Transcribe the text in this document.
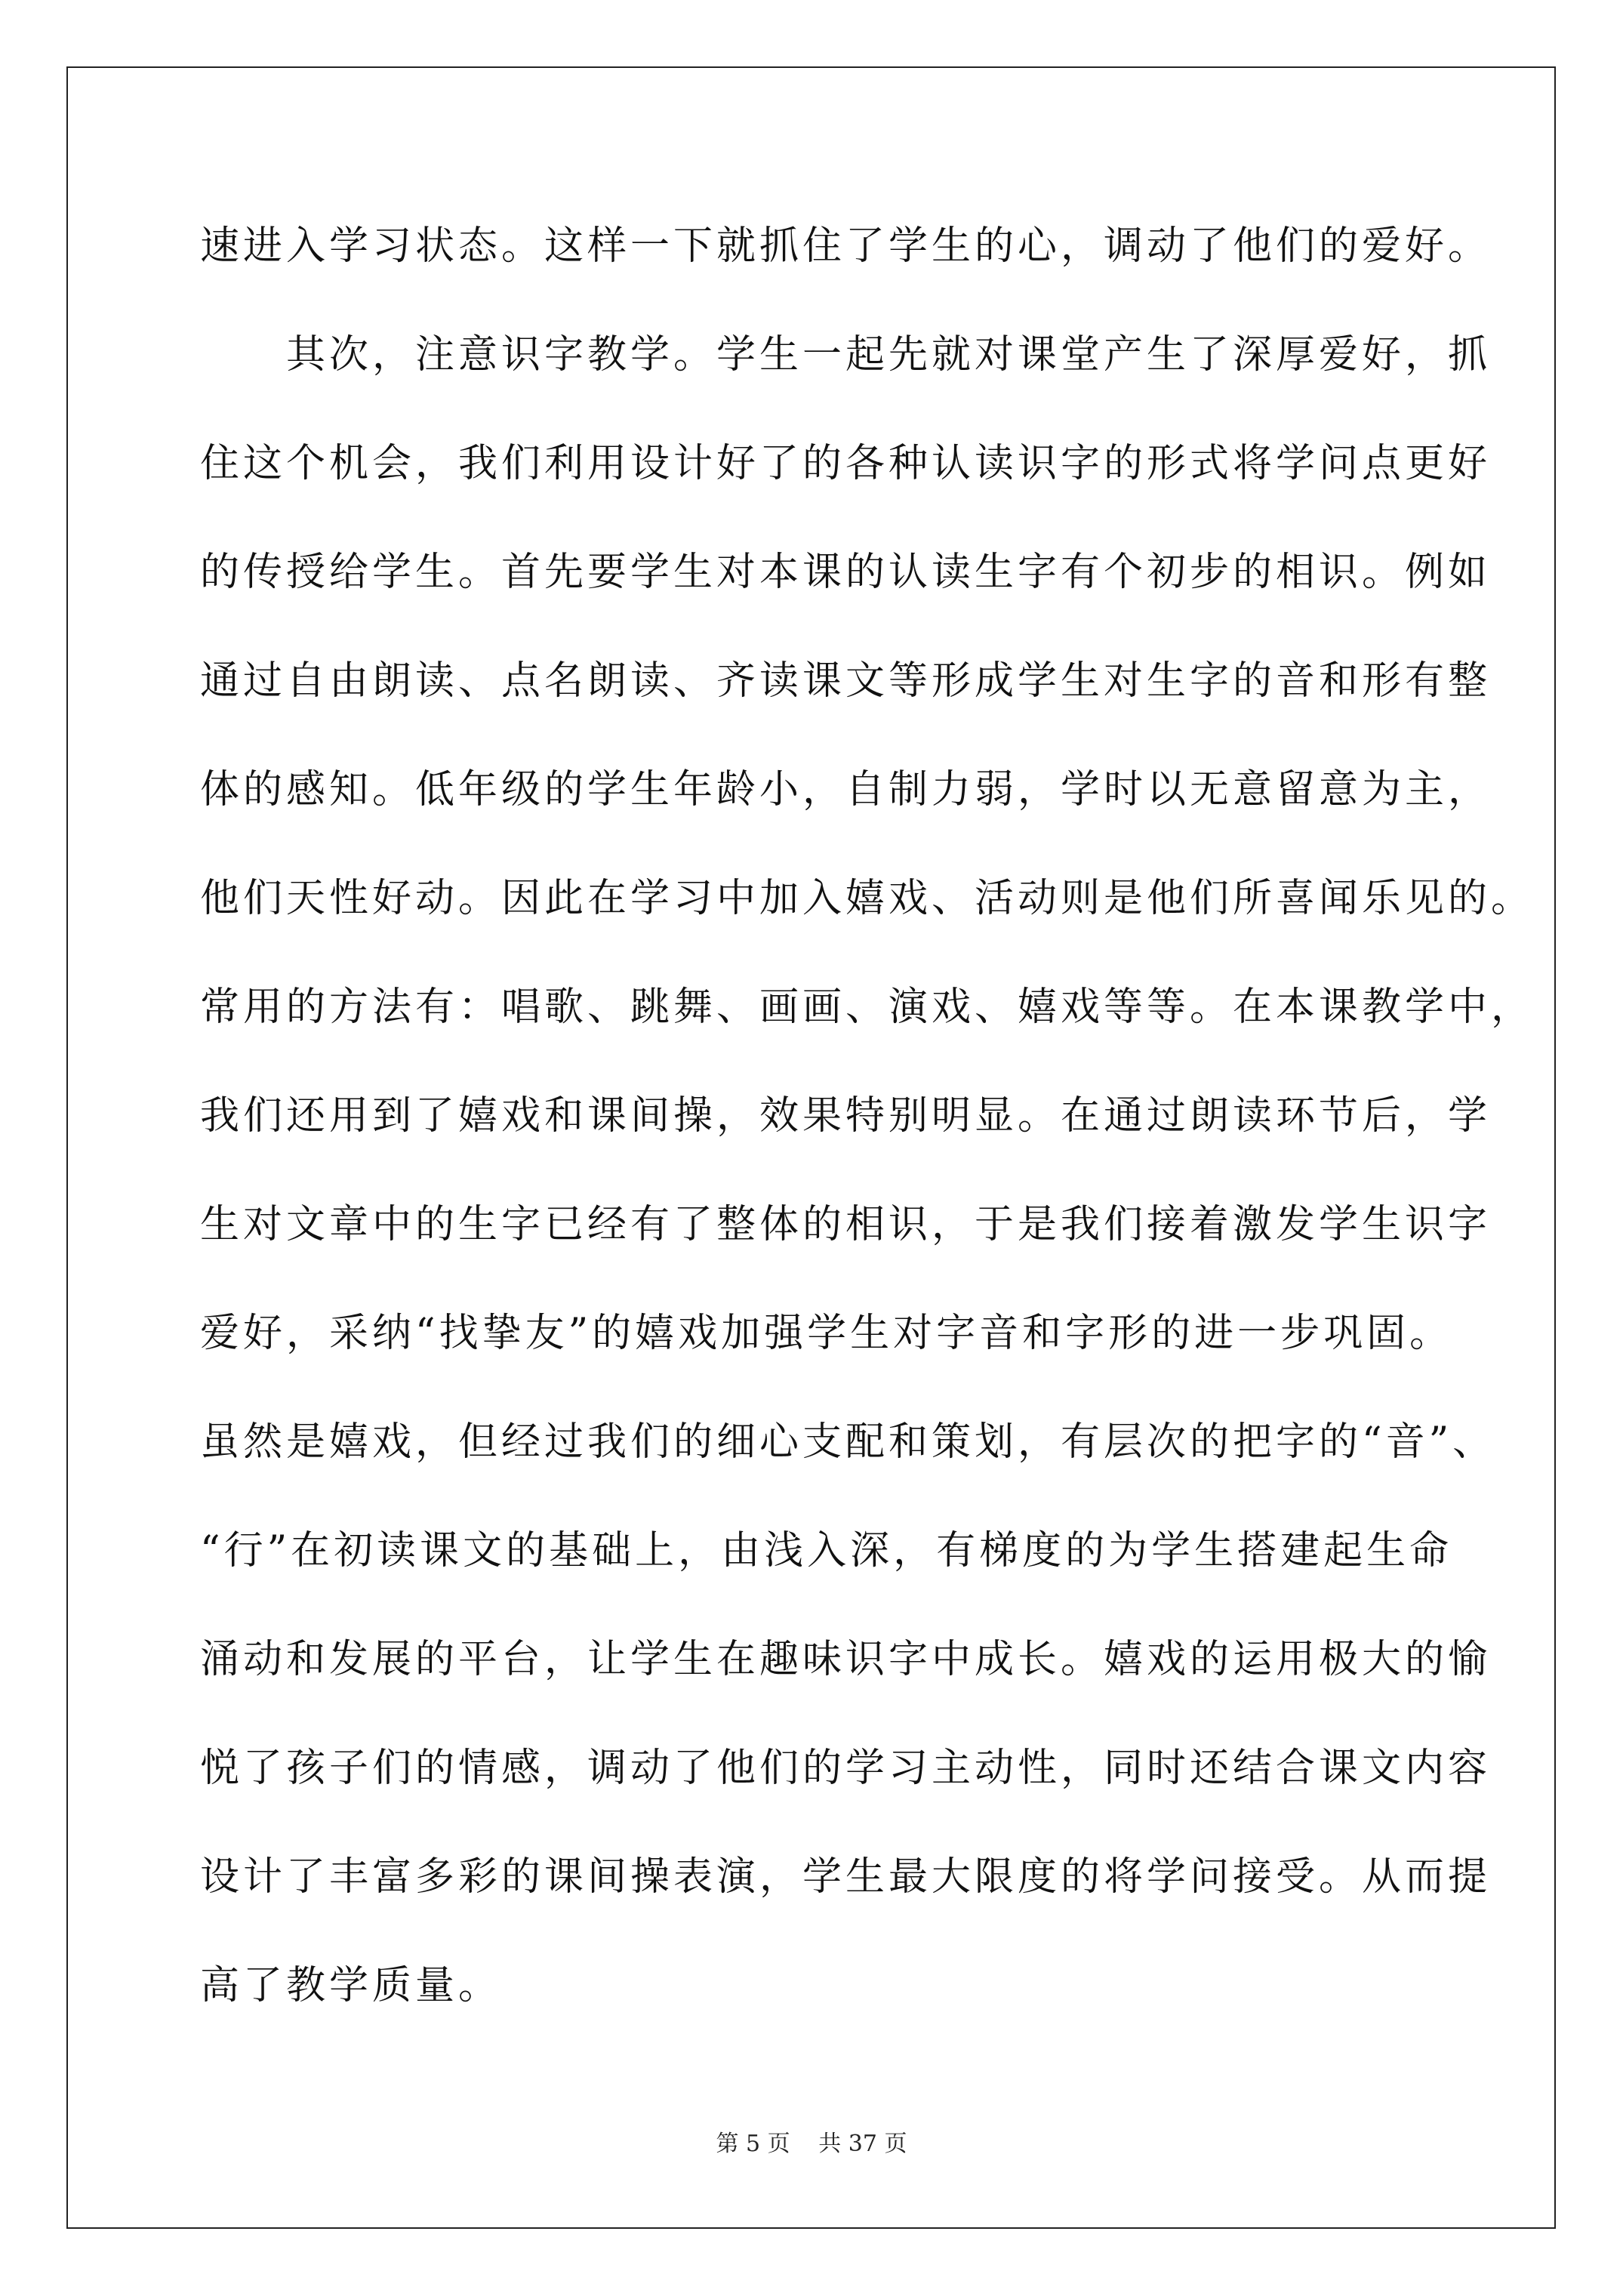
速进入学习状态。这样一下就抓住了学生的心，调动了他们的爱好。
　　其次，注意识字教学。学生一起先就对课堂产生了深厚爱好，抓
住这个机会，我们利用设计好了的各种认读识字的形式将学问点更好
的传授给学生。首先要学生对本课的认读生字有个初步的相识。例如
通过自由朗读、点名朗读、齐读课文等形成学生对生字的音和形有整
体的感知。低年级的学生年龄小，自制力弱，学时以无意留意为主，
他们天性好动。因此在学习中加入嬉戏、活动则是他们所喜闻乐见的。
常用的方法有：唱歌、跳舞、画画、演戏、嬉戏等等。在本课教学中，
我们还用到了嬉戏和课间操，效果特别明显。在通过朗读环节后，学
生对文章中的生字已经有了整体的相识，于是我们接着激发学生识字
爱好，采纳“找挚友”的嬉戏加强学生对字音和字形的进一步巩固。
虽然是嬉戏，但经过我们的细心支配和策划，有层次的把字的“音”、
“行”在初读课文的基础上，由浅入深，有梯度的为学生搭建起生命
涌动和发展的平台，让学生在趣味识字中成长。嬉戏的运用极大的愉
悦了孩子们的情感，调动了他们的学习主动性，同时还结合课文内容
设计了丰富多彩的课间操表演，学生最大限度的将学问接受。从而提
高了教学质量。
第 5 页 共 37 页
